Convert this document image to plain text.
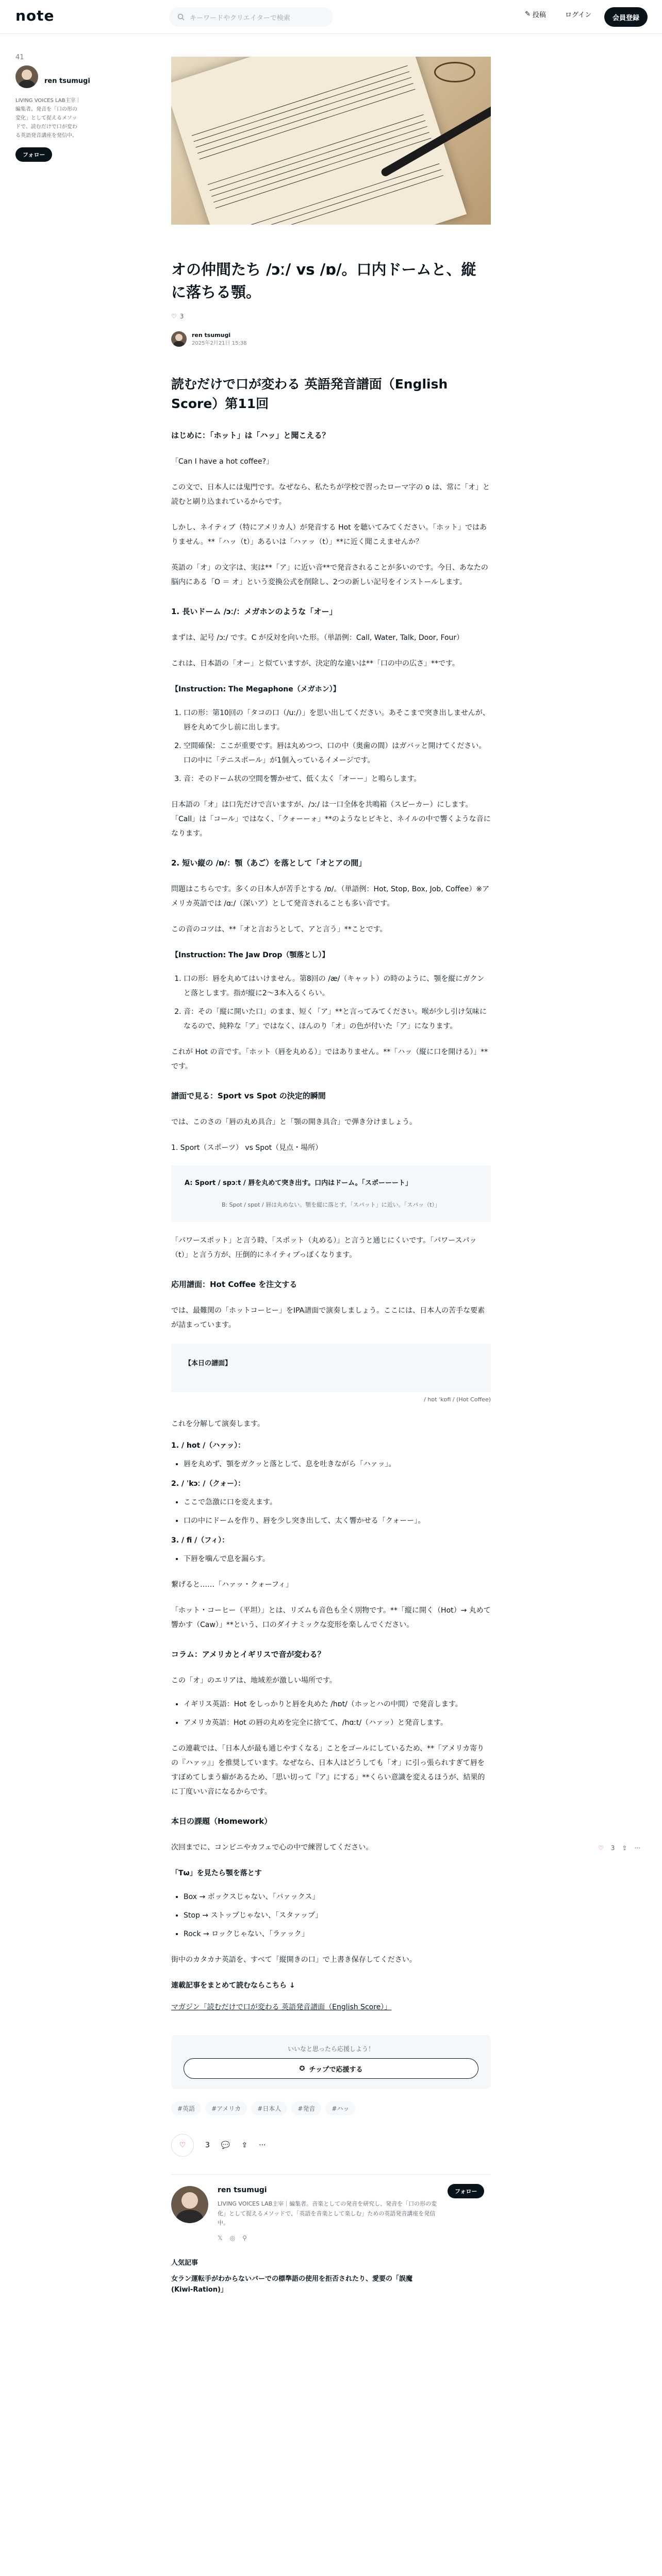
note	キーワードやクリエイターで検索	✎ 投稿	ログイン	会員登録
41
ren tsumugi
LIVING VOICES LAB主宰｜編集者。発音を「口の形の変化」として捉えるメソッドで、読むだけで口が変わる英語発音講座を発信中。
フォロー
オの仲間たち /ɔː/ vs /ɒ/。口内ドームと、縦に落ちる顎。
♡ 3
ren tsumugi
2025年2月21日 15:38
読むだけで口が変わる 英語発音譜面（English Score）第11回
はじめに：「ホット」は「ハッ」と聞こえる？

「Can I have a hot coffee?」

この文で、日本人には鬼門です。なぜなら、私たちが学校で習ったローマ字の o は、常に「オ」と読むと刷り込まれているからです。

しかし、ネイティブ（特にアメリカ人）が発音する Hot を聴いてみてください。「ホット」ではありません。**「ハッ（t）」あるいは「ハァッ（t）」**に近く聞こえませんか？

英語の「オ」の文字は、実は**「ア」に近い音**で発音されることが多いのです。今日、あなたの脳内にある「O ＝ オ」という変換公式を削除し、2つの新しい記号をインストールします。

1. 長いドーム /ɔː/：メガホンのような「オー」

まずは、記号 /ɔː/ です。C が反対を向いた形。（単語例：Call, Water, Talk, Door, Four）

これは、日本語の「オー」と似ていますが、決定的な違いは**「口の中の広さ」**です。

【Instruction: The Megaphone（メガホン）】

1. 口の形：第10回の「タコの口（/uː/）」を思い出してください。あそこまで突き出しませんが、唇を丸めて少し前に出します。
2. 空間確保：ここが重要です。唇は丸めつつ、口の中（奥歯の間）はガバッと開けてください。口の中に「テニスボール」が1個入っているイメージです。
3. 音：そのドーム状の空間を響かせて、低く太く「オーー」と鳴らします。

日本語の「オ」は口先だけで言いますが、/ɔː/ は一口全体を共鳴箱（スピーカー）にします。「Call」は「コール」ではなく、「クォーーォ」**のようなヒビキと、ネイルの中で響くような音になります。

2. 短い縦の /ɒ/：顎（あご）を落として「オとアの間」

問題はこちらです。多くの日本人が苦手とする /ɒ/。（単語例：Hot, Stop, Box, Job, Coffee）※アメリカ英語では /ɑː/（深いア）として発音されることも多い音です。

この音のコツは、**「オと言おうとして、アと言う」**ことです。

【Instruction: The Jaw Drop（顎落とし）】

1. 口の形：唇を丸めてはいけません。第8回の /æ/（キャット）の時のように、顎を縦にガクンと落とします。指が縦に2〜3本入るくらい。
2. 音：その「縦に開いた口」のまま、短く「ア」**と言ってみてください。喉が少し引け気味になるので、純粋な「ア」ではなく、ほんのり「オ」の色が付いた「ア」になります。

これが Hot の音です。「ホット（唇を丸める）」ではありません。**「ハッ（縦に口を開ける）」**です。

譜面で見る：Sport vs Spot の決定的瞬間

では、このさの「唇の丸め具合」と「顎の開き具合」で弾き分けましょう。

1. Sport（スポーツ） vs Spot（見点・場所）

A: Sport / spɔːt / 唇を丸めて突き出す。口内はドーム。「スポーーート」
B: Spot / spɒt / 唇は丸めない。顎を縦に落とす。「スパット」に近い。「スパッ（t）」

「パワースポット」と言う時、「スポット（丸める）」と言うと通じにくいです。「パワースパッ（t）」と言う方が、圧倒的にネイティブっぽくなります。

応用譜面：Hot Coffee を注文する

では、最難関の「ホットコーヒー」をIPA譜面で演奏しましょう。ここには、日本人の苦手な要素が詰まっています。

【本日の譜面】
/ hɒt ˈkɒfi / (Hot Coffee)

これを分解して演奏します。

1. / hot /（ハァッ）：
• 唇を丸めず、顎をガクッと落として、息を吐きながら「ハァッ」。
2. / ˈkɔː /（クォー）：
• ここで急激に口を変えます。
• 口の中にドームを作り、唇を少し突き出して、太く響かせる「クォーー」。
3. / fi /（フィ）：
• 下唇を噛んで息を漏らす。

繋げると……「ハァッ・クォーフィ」

「ホット・コーヒー（平坦）」とは、リズムも音色も全く別物です。**「縦に開く（Hot）→ 丸めて響かす（Caw）」**という、口のダイナミックな変形を楽しんでください。

コラム：アメリカとイギリスで音が変わる？

この「オ」のエリアは、地域差が激しい場所です。

• イギリス英語：Hot をしっかりと唇を丸めた /hɒt/（ホッとハの中間）で発音します。
• アメリカ英語：Hot の唇の丸めを完全に捨てて、/hɑːt/（ハァッ）と発音します。

この連載では、「日本人が最も通じやすくなる」ことをゴールにしているため、**「アメリカ寄りの『ハァッ』」を推奨しています。なぜなら、日本人はどうしても「オ」に引っ張られすぎて唇をすぼめてしまう癖があるため、「思い切って『ア』にする」**くらい意識を変えるほうが、結果的に丁度いい音になるからです。

本日の課題（Homework）

次回までに、コンビニやカフェで心の中で練習してください。

「Tω」を見たら顎を落とす

• Box → ボックスじゃない、「バァックス」
• Stop → ストップじゃない、「スタァップ」
• Rock → ロックじゃない、「ラァック」

街中のカタカナ英語を、すべて「縦開きの口」で上書き保存してください。

連載記事をまとめて読むならこちら ↓

マガジン「読むだけで口が変わる 英語発音譜面（English Score）」
いいなと思ったら応援しよう！
✪ チップで応援する
#英語	#アメリカ	#日本人	#発音	#ハッ
♡	3 💬 ⇪ ···
ren tsumugi
LIVING VOICES LAB主宰｜編集者。音楽としての発音を研究し、発音を「口の形の変化」として捉えるメソッドで、「英語を音楽として楽しむ」ための英語発音講座を発信中。
𝕏 ◎ ⚲
フォロー
人気記事
女ラン運転手がわからないバーでの標準語の使用を拒否されたり、愛要の「誤魔(Kiwi-Ration)」
♡ 3 ⇪ ···
